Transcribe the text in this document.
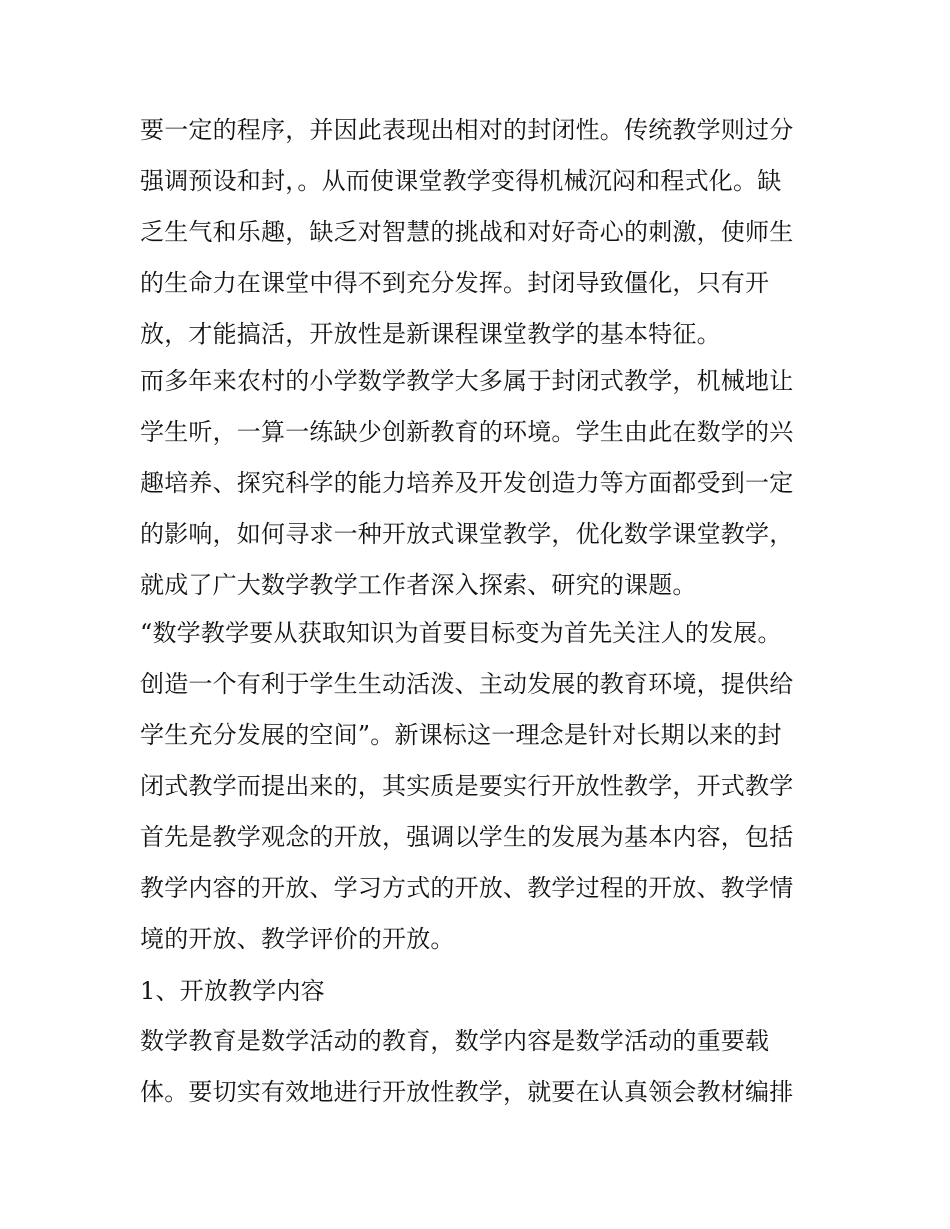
要一定的程序，并因此表现出相对的封闭性。传统教学则过分
强调预设和封，。从而使课堂教学变得机械沉闷和程式化。缺
乏生气和乐趣，缺乏对智慧的挑战和对好奇心的刺激，使师生
的生命力在课堂中得不到充分发挥。封闭导致僵化，只有开
放，才能搞活，开放性是新课程课堂教学的基本特征。
而多年来农村的小学数学教学大多属于封闭式教学，机械地让
学生听，一算一练缺少创新教育的环境。学生由此在数学的兴
趣培养、探究科学的能力培养及开发创造力等方面都受到一定
的影响，如何寻求一种开放式课堂教学，优化数学课堂教学，
就成了广大数学教学工作者深入探索、研究的课题。
“数学教学要从获取知识为首要目标变为首先关注人的发展。
创造一个有利于学生生动活泼、主动发展的教育环境，提供给
学生充分发展的空间”。新课标这一理念是针对长期以来的封
闭式教学而提出来的，其实质是要实行开放性教学，开式教学
首先是教学观念的开放，强调以学生的发展为基本内容，包括
教学内容的开放、学习方式的开放、教学过程的开放、教学情
境的开放、教学评价的开放。
1、开放教学内容
数学教育是数学活动的教育，数学内容是数学活动的重要载
体。要切实有效地进行开放性教学，就要在认真领会教材编排
